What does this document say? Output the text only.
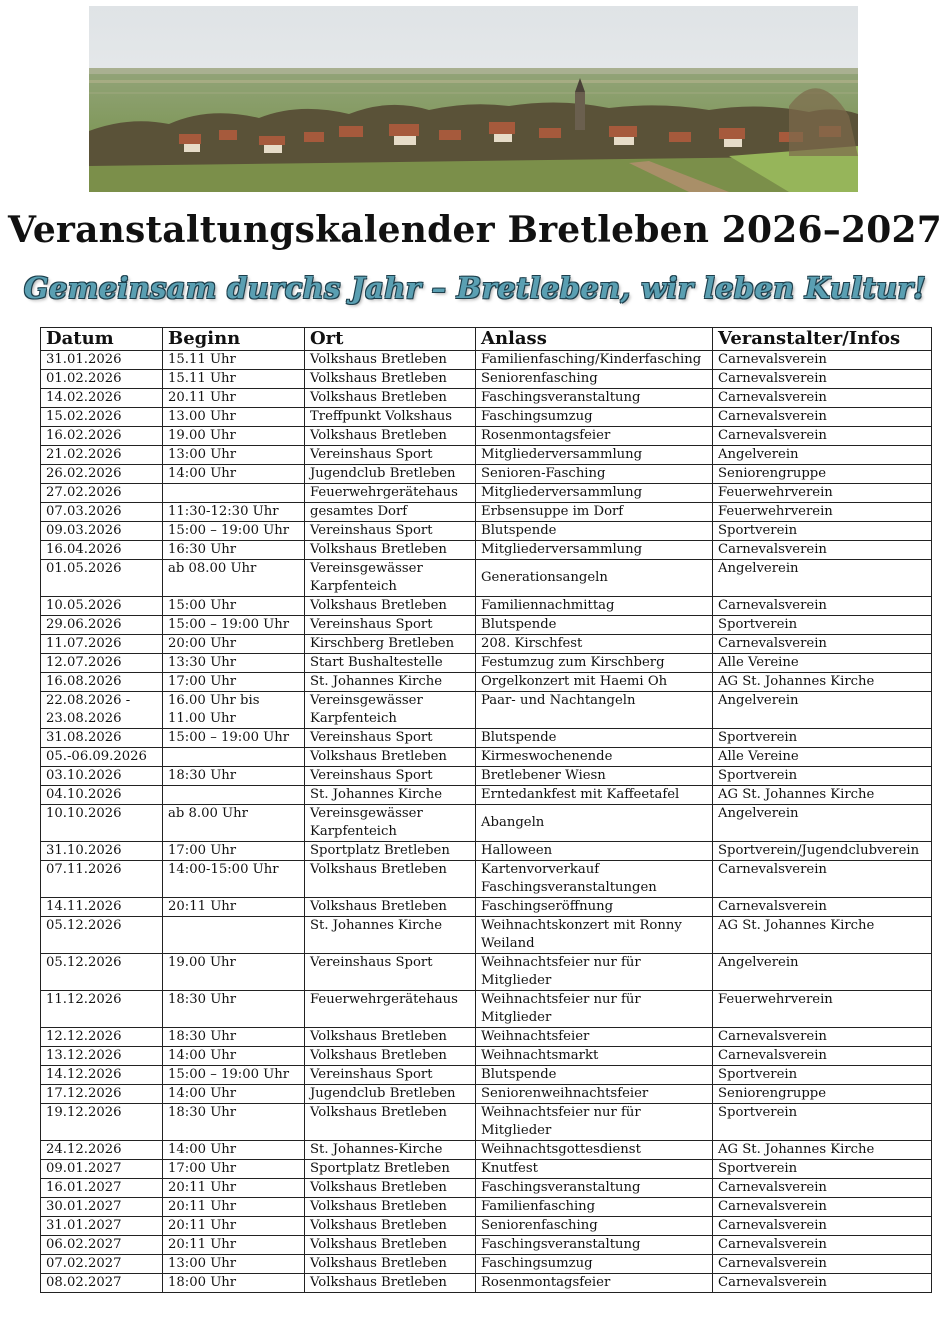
Veranstaltungskalender Bretleben 2026–2027
Gemeinsam durchs Jahr – Bretleben, wir leben Kultur!
Datum	Beginn	Ort	Anlass	Veranstalter/Infos
31.01.2026	15.11 Uhr	Volkshaus Bretleben	Familienfasching/Kinderfasching	Carnevalsverein
01.02.2026	15.11 Uhr	Volkshaus Bretleben	Seniorenfasching	Carnevalsverein
14.02.2026	20.11 Uhr	Volkshaus Bretleben	Faschingsveranstaltung	Carnevalsverein
15.02.2026	13.00 Uhr	Treffpunkt Volkshaus	Faschingsumzug	Carnevalsverein
16.02.2026	19.00 Uhr	Volkshaus Bretleben	Rosenmontagsfeier	Carnevalsverein
21.02.2026	13:00 Uhr	Vereinshaus Sport	Mitgliederversammlung	Angelverein
26.02.2026	14:00 Uhr	Jugendclub Bretleben	Senioren-Fasching	Seniorengruppe
27.02.2026		Feuerwehrgerätehaus	Mitgliederversammlung	Feuerwehrverein
07.03.2026	11:30-12:30 Uhr	gesamtes Dorf	Erbsensuppe im Dorf	Feuerwehrverein
09.03.2026	15:00 – 19:00 Uhr	Vereinshaus Sport	Blutspende	Sportverein
16.04.2026	16:30 Uhr	Volkshaus Bretleben	Mitgliederversammlung	Carnevalsverein
01.05.2026	ab 08.00 Uhr	Vereinsgewässer Karpfenteich	Generationsangeln	Angelverein
10.05.2026	15:00 Uhr	Volkshaus Bretleben	Familiennachmittag	Carnevalsverein
29.06.2026	15:00 – 19:00 Uhr	Vereinshaus Sport	Blutspende	Sportverein
11.07.2026	20:00 Uhr	Kirschberg Bretleben	208. Kirschfest	Carnevalsverein
12.07.2026	13:30 Uhr	Start Bushaltestelle	Festumzug zum Kirschberg	Alle Vereine
16.08.2026	17:00 Uhr	St. Johannes Kirche	Orgelkonzert mit Haemi Oh	AG St. Johannes Kirche
22.08.2026 - 23.08.2026	16.00 Uhr bis 11.00 Uhr	Vereinsgewässer Karpfenteich	Paar- und Nachtangeln	Angelverein
31.08.2026	15:00 – 19:00 Uhr	Vereinshaus Sport	Blutspende	Sportverein
05.-06.09.2026		Volkshaus Bretleben	Kirmeswochenende	Alle Vereine
03.10.2026	18:30 Uhr	Vereinshaus Sport	Bretlebener Wiesn	Sportverein
04.10.2026		St. Johannes Kirche	Erntedankfest mit Kaffeetafel	AG St. Johannes Kirche
10.10.2026	ab 8.00 Uhr	Vereinsgewässer Karpfenteich	Abangeln	Angelverein
31.10.2026	17:00 Uhr	Sportplatz Bretleben	Halloween	Sportverein/Jugendclubverein
07.11.2026	14:00-15:00 Uhr	Volkshaus Bretleben	Kartenvorverkauf Faschingsveranstaltungen	Carnevalsverein
14.11.2026	20:11 Uhr	Volkshaus Bretleben	Faschingseröffnung	Carnevalsverein
05.12.2026		St. Johannes Kirche	Weihnachtskonzert mit Ronny Weiland	AG St. Johannes Kirche
05.12.2026	19.00 Uhr	Vereinshaus Sport	Weihnachtsfeier nur für Mitglieder	Angelverein
11.12.2026	18:30 Uhr	Feuerwehrgerätehaus	Weihnachtsfeier nur für Mitglieder	Feuerwehrverein
12.12.2026	18:30 Uhr	Volkshaus Bretleben	Weihnachtsfeier	Carnevalsverein
13.12.2026	14:00 Uhr	Volkshaus Bretleben	Weihnachtsmarkt	Carnevalsverein
14.12.2026	15:00 – 19:00 Uhr	Vereinshaus Sport	Blutspende	Sportverein
17.12.2026	14:00 Uhr	Jugendclub Bretleben	Seniorenweihnachtsfeier	Seniorengruppe
19.12.2026	18:30 Uhr	Volkshaus Bretleben	Weihnachtsfeier nur für Mitglieder	Sportverein
24.12.2026	14:00 Uhr	St. Johannes-Kirche	Weihnachtsgottesdienst	AG St. Johannes Kirche
09.01.2027	17:00 Uhr	Sportplatz Bretleben	Knutfest	Sportverein
16.01.2027	20:11 Uhr	Volkshaus Bretleben	Faschingsveranstaltung	Carnevalsverein
30.01.2027	20:11 Uhr	Volkshaus Bretleben	Familienfasching	Carnevalsverein
31.01.2027	20:11 Uhr	Volkshaus Bretleben	Seniorenfasching	Carnevalsverein
06.02.2027	20:11 Uhr	Volkshaus Bretleben	Faschingsveranstaltung	Carnevalsverein
07.02.2027	13:00 Uhr	Volkshaus Bretleben	Faschingsumzug	Carnevalsverein
08.02.2027	18:00 Uhr	Volkshaus Bretleben	Rosenmontagsfeier	Carnevalsverein
